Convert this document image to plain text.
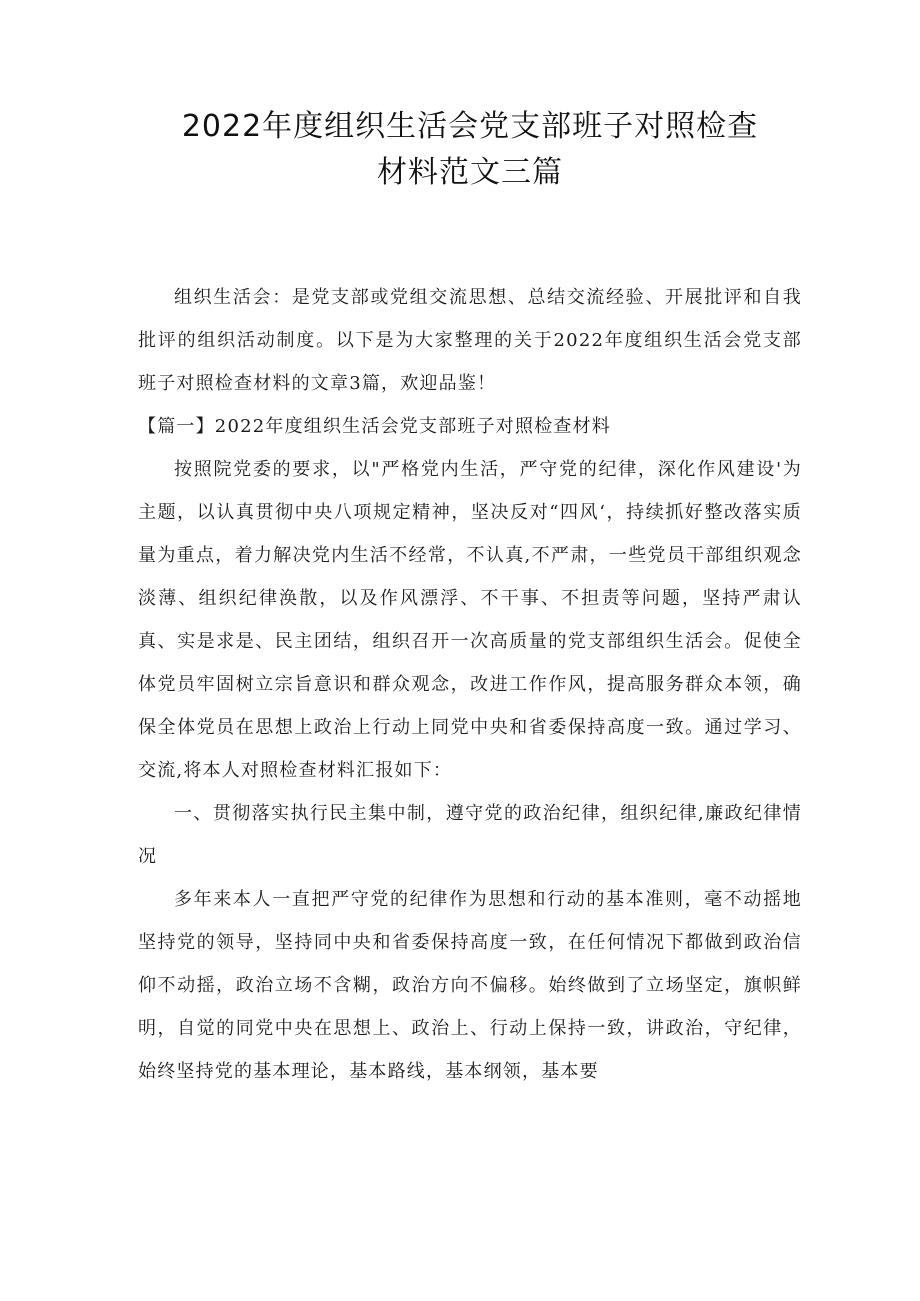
2022年度组织生活会党支部班子对照检查
材料范文三篇

组织生活会：是党支部或党组交流思想、总结交流经验、开展批评和自我批评的组织活动制度。以下是为大家整理的关于2022年度组织生活会党支部班子对照检查材料的文章3篇，欢迎品鉴！

【篇一】2022年度组织生活会党支部班子对照检查材料

按照院党委的要求，以"严格党内生活，严守党的纪律，深化作风建设'为主题，以认真贯彻中央八项规定精神，坚决反对“四风‘，持续抓好整改落实质量为重点，着力解决党内生活不经常，不认真,不严肃，一些党员干部组织观念淡薄、组织纪律涣散，以及作风漂浮、不干事、不担责等问题，坚持严肃认真、实是求是、民主团结，组织召开一次高质量的党支部组织生活会。促使全体党员牢固树立宗旨意识和群众观念，改进工作作风，提高服务群众本领，确保全体党员在思想上政治上行动上同党中央和省委保持高度一致。通过学习、交流,将本人对照检查材料汇报如下：

一、贯彻落实执行民主集中制，遵守党的政治纪律，组织纪律,廉政纪律情况

多年来本人一直把严守党的纪律作为思想和行动的基本准则，毫不动摇地坚持党的领导，坚持同中央和省委保持高度一致，在任何情况下都做到政治信仰不动摇，政治立场不含糊，政治方向不偏移。始终做到了立场坚定，旗帜鲜明，自觉的同党中央在思想上、政治上、行动上保持一致，讲政治，守纪律，始终坚持党的基本理论，基本路线，基本纲领，基本要
